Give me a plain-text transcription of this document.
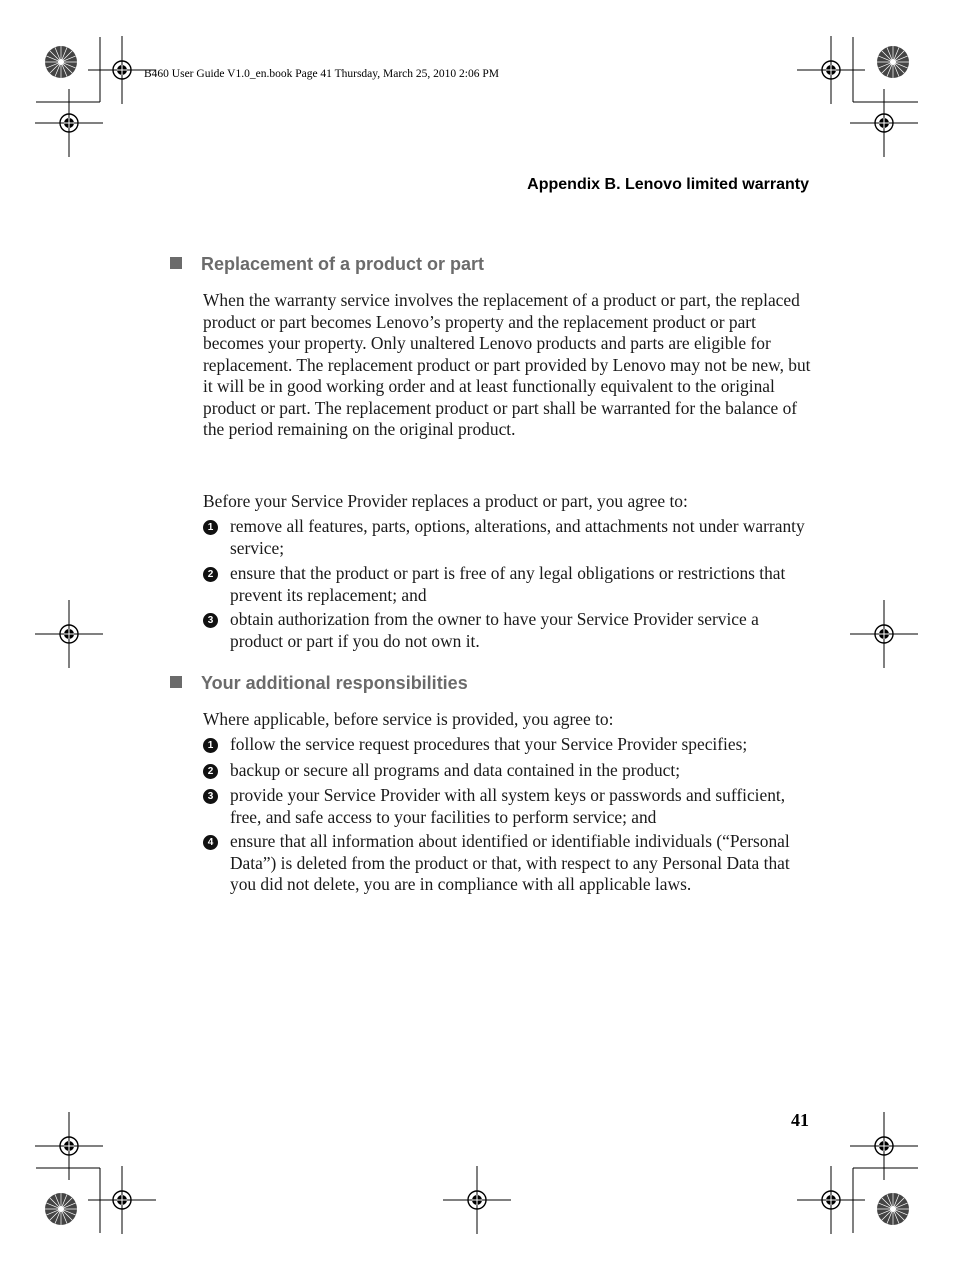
B460 User Guide V1.0_en.book Page 41 Thursday, March 25, 2010 2:06 PM
Appendix B. Lenovo limited warranty
Replacement of a product or part
When the warranty service involves the replacement of a product or part, the replaced product or part becomes Lenovo’s property and the replacement product or part becomes your property. Only unaltered Lenovo products and parts are eligible for replacement. The replacement product or part provided by Lenovo may not be new, but it will be in good working order and at least functionally equivalent to the original product or part. The replacement product or part shall be warranted for the balance of the period remaining on the original product.
Before your Service Provider replaces a product or part, you agree to:
1 remove all features, parts, options, alterations, and attachments not under warranty service;
2 ensure that the product or part is free of any legal obligations or restrictions that prevent its replacement; and
3 obtain authorization from the owner to have your Service Provider service a product or part if you do not own it.
Your additional responsibilities
Where applicable, before service is provided, you agree to:
1 follow the service request procedures that your Service Provider specifies;
2 backup or secure all programs and data contained in the product;
3 provide your Service Provider with all system keys or passwords and sufficient, free, and safe access to your facilities to perform service; and
4 ensure that all information about identified or identifiable individuals (“Personal Data”) is deleted from the product or that, with respect to any Personal Data that you did not delete, you are in compliance with all applicable laws.
41
